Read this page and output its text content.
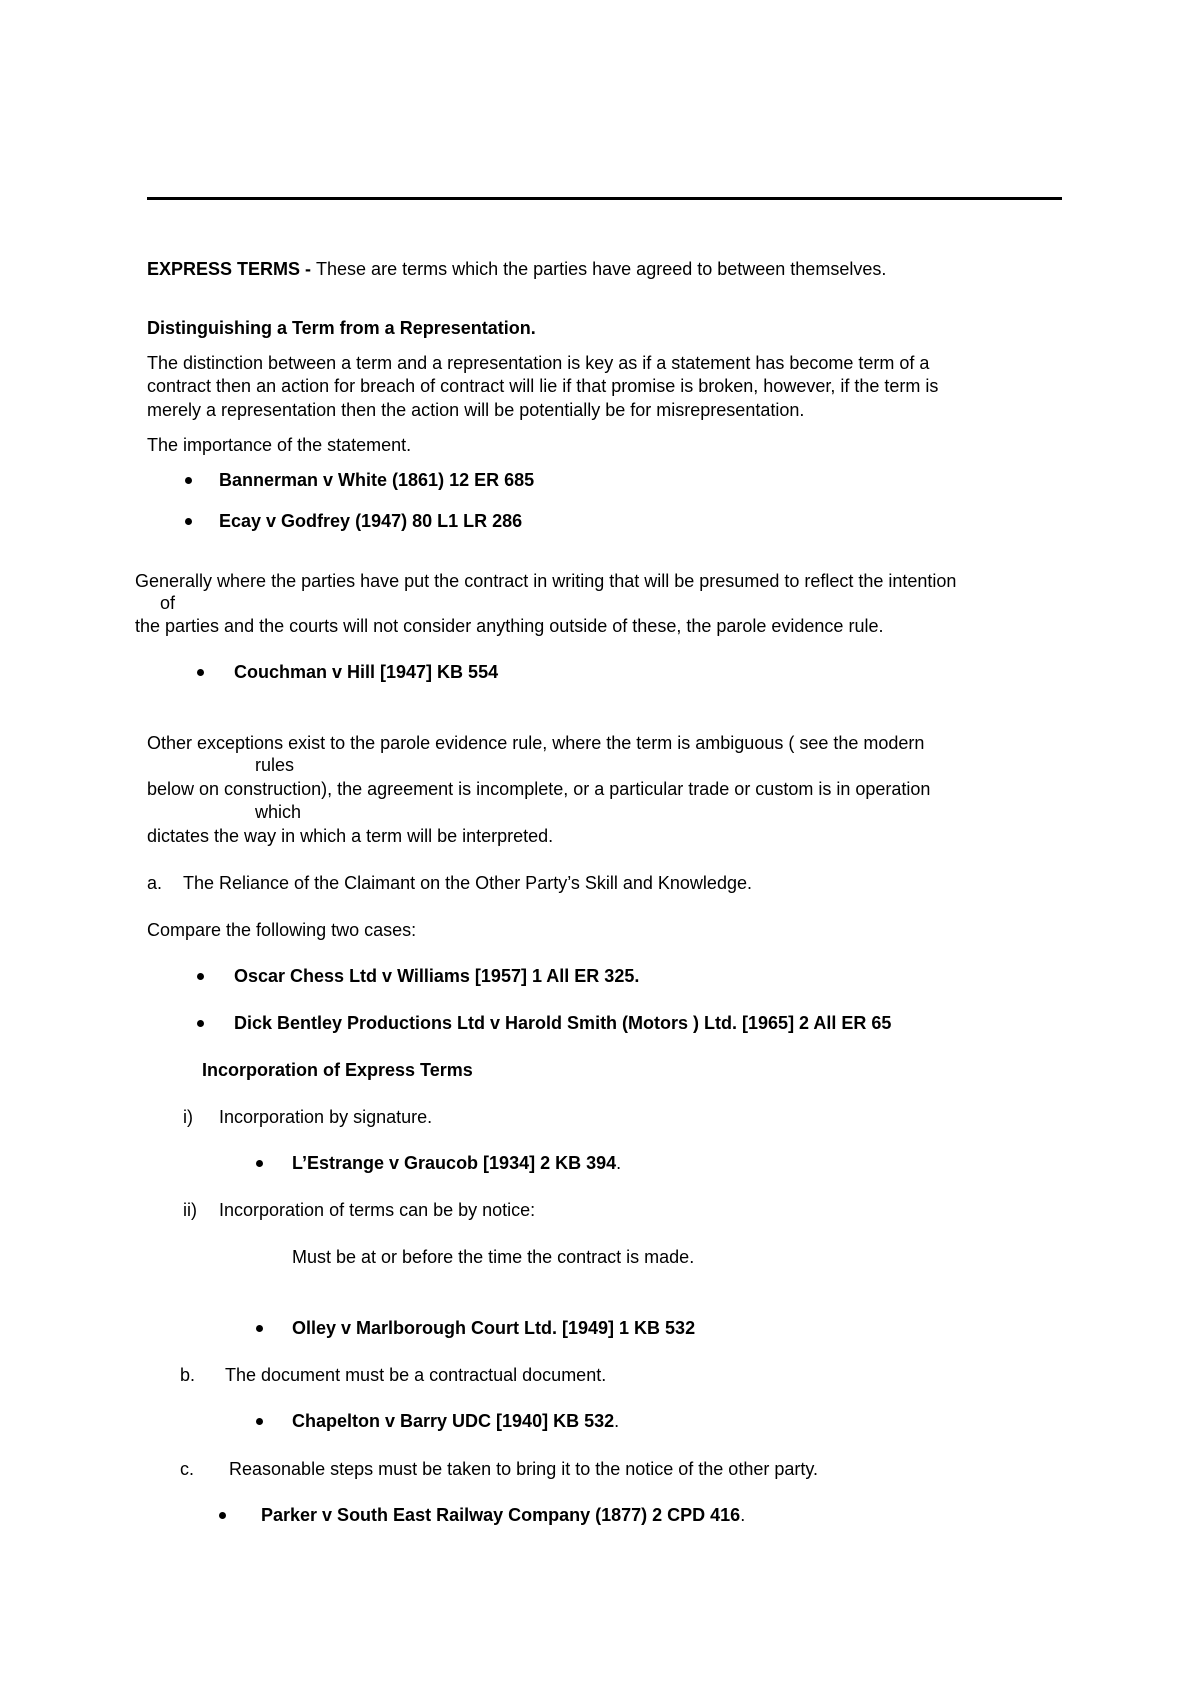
EXPRESS TERMS - These are terms which the parties have agreed to between themselves.
Distinguishing a Term from a Representation.
The distinction between a term and a representation is key as if a statement has become term of a
contract then an action for breach of contract will lie if that promise is broken, however, if the term is
merely a representation then the action will be potentially be for misrepresentation.
The importance of the statement.
Bannerman v White (1861) 12 ER 685
Ecay v Godfrey (1947) 80 L1 LR 286
Generally where the parties have put the contract in writing that will be presumed to reflect the intention
of
the parties and the courts will not consider anything outside of these, the parole evidence rule.
Couchman v Hill [1947] KB 554
Other exceptions exist to the parole evidence rule, where the term is ambiguous ( see the modern
rules
below on construction), the agreement is incomplete, or a particular trade or custom is in operation
which
dictates the way in which a term will be interpreted.
a. The Reliance of the Claimant on the Other Party’s Skill and Knowledge.
Compare the following two cases:
Oscar Chess Ltd v Williams [1957] 1 All ER 325.
Dick Bentley Productions Ltd v Harold Smith (Motors ) Ltd. [1965] 2 All ER 65
Incorporation of Express Terms
i) Incorporation by signature.
L’Estrange v Graucob [1934] 2 KB 394.
ii) Incorporation of terms can be by notice:
Must be at or before the time the contract is made.
Olley v Marlborough Court Ltd. [1949] 1 KB 532
b. The document must be a contractual document.
Chapelton v Barry UDC [1940] KB 532.
c. Reasonable steps must be taken to bring it to the notice of the other party.
Parker v South East Railway Company (1877) 2 CPD 416.
